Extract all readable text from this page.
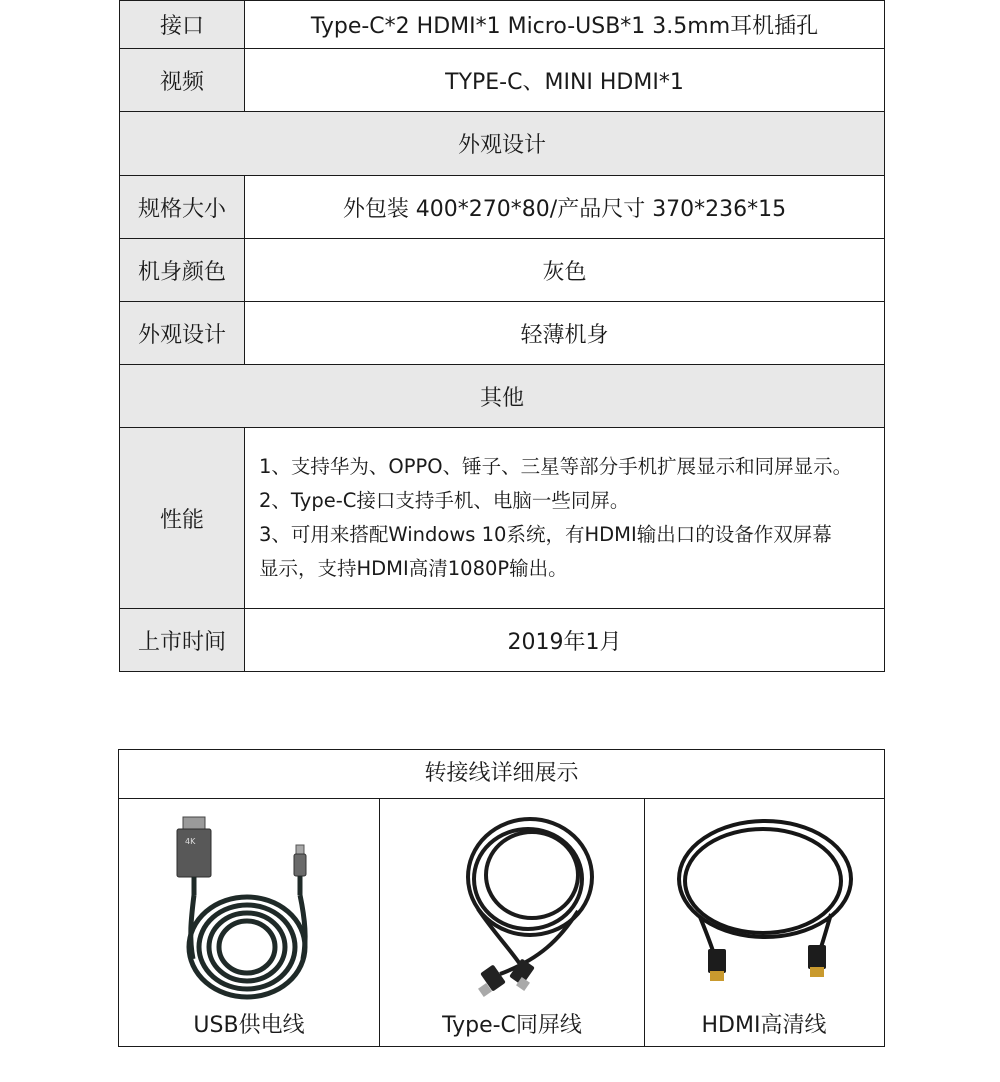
接口	Type-C*2 HDMI*1 Micro-USB*1 3.5mm耳机插孔
视频	TYPE-C、MINI HDMI*1
外观设计	
规格大小	外包装 400*270*80/产品尺寸 370*236*15
机身颜色	灰色
外观设计	轻薄机身
其他	
性能	1、支持华为、OPPO、锤子、三星等部分手机扩展显示和同屏显示。
2、Type-C接口支持手机、电脑一些同屏。
3、可用来搭配Windows 10系统，有HDMI输出口的设备作双屏幕
显示，支持HDMI高清1080P输出。

上市时间	2019年1月
转接线详细展示
4K
USB供电线	Type-C同屏线	HDMI高清线
